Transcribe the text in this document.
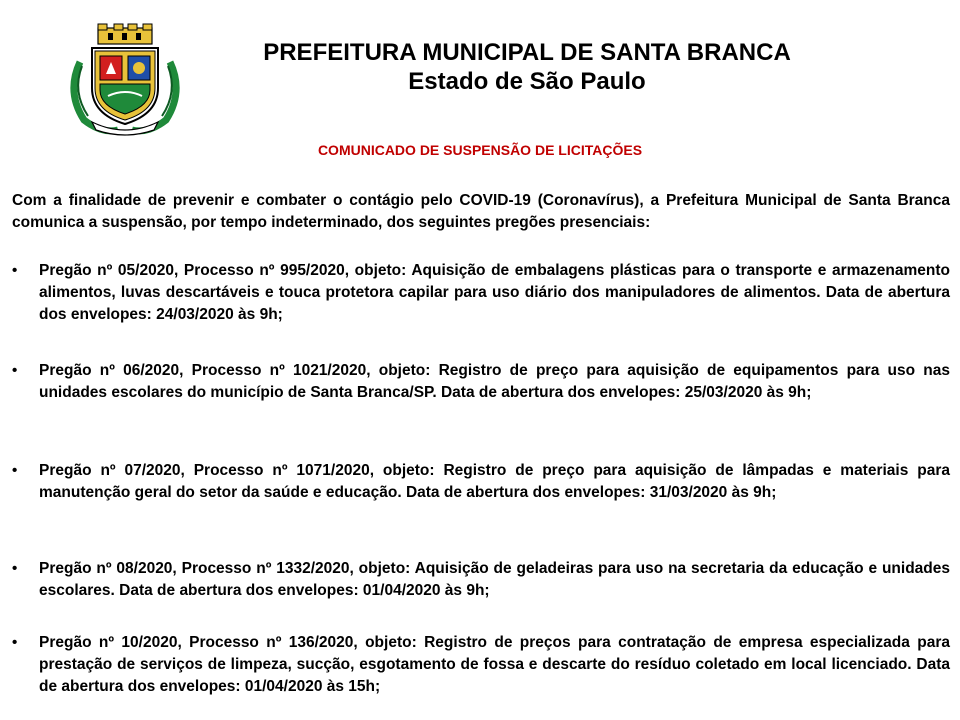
PREFEITURA MUNICIPAL DE SANTA BRANCA
Estado de São Paulo
COMUNICADO DE SUSPENSÃO DE LICITAÇÕES
Com a finalidade de prevenir e combater o contágio pelo COVID-19 (Coronavírus), a Prefeitura Municipal de Santa Branca comunica a suspensão, por tempo indeterminado, dos seguintes pregões presenciais:
•	Pregão nº 05/2020, Processo nº 995/2020, objeto: Aquisição de embalagens plásticas para o transporte e armazenamento alimentos, luvas descartáveis e touca protetora capilar para uso diário dos manipuladores de alimentos. Data de abertura dos envelopes: 24/03/2020 às 9h;
•	Pregão nº 06/2020, Processo nº 1021/2020, objeto: Registro de preço para aquisição de equipamentos para uso nas unidades escolares do município de Santa Branca/SP. Data de abertura dos envelopes: 25/03/2020 às 9h;
•	Pregão nº 07/2020, Processo nº 1071/2020, objeto: Registro de preço para aquisição de lâmpadas e materiais para manutenção geral do setor da saúde e educação. Data de abertura dos envelopes: 31/03/2020 às 9h;
•	Pregão nº 08/2020, Processo nº 1332/2020, objeto: Aquisição de geladeiras para uso na secretaria da educação e unidades escolares. Data de abertura dos envelopes: 01/04/2020 às 9h;
•	Pregão nº 10/2020, Processo nº 136/2020, objeto: Registro de preços para contratação de empresa especializada para prestação de serviços de limpeza, sucção, esgotamento de fossa e descarte do resíduo coletado em local licenciado. Data de abertura dos envelopes: 01/04/2020 às 15h;
